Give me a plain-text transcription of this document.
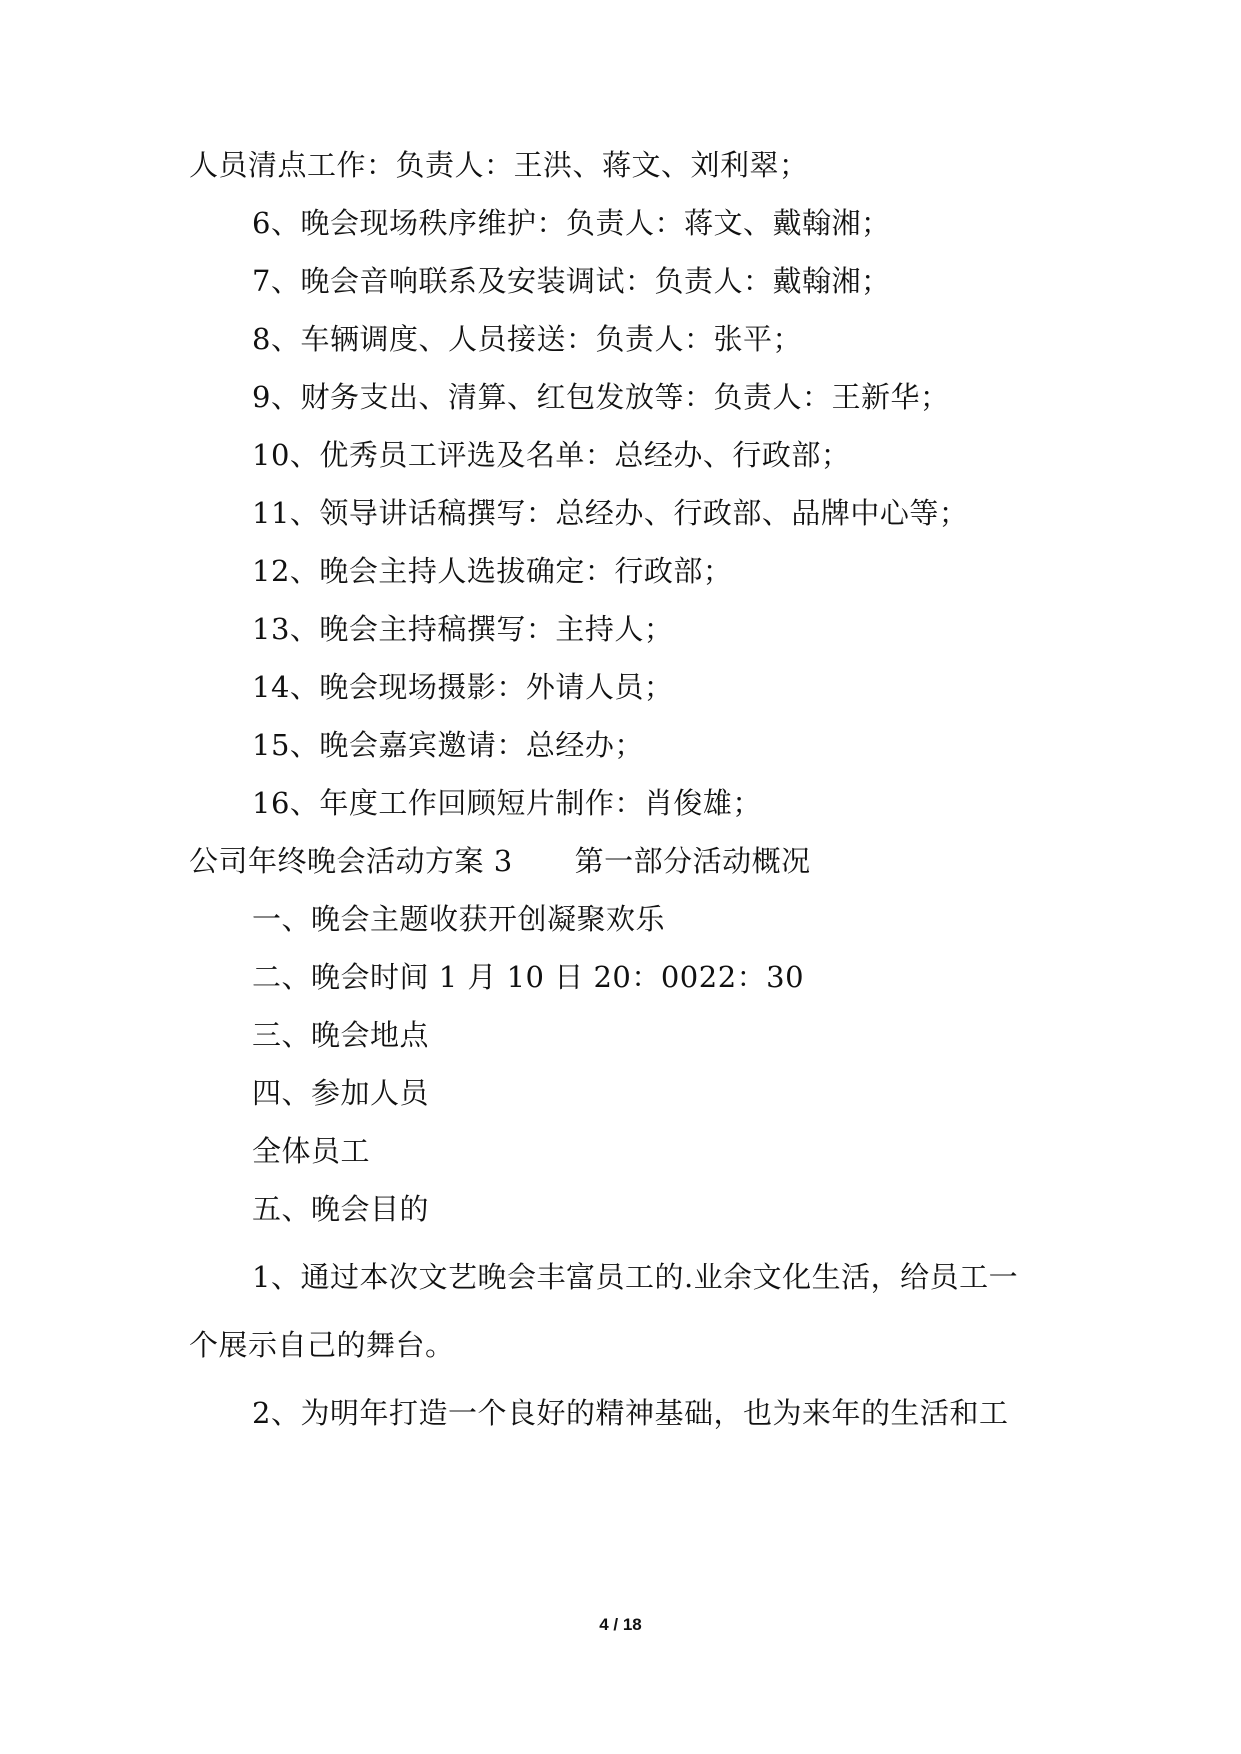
人员清点工作：负责人：王洪、蒋文、刘利翠；
6、晚会现场秩序维护：负责人：蒋文、戴翰湘；
7、晚会音响联系及安装调试：负责人：戴翰湘；
8、车辆调度、人员接送：负责人：张平；
9、财务支出、清算、红包发放等：负责人：王新华；
10、优秀员工评选及名单：总经办、行政部；
11、领导讲话稿撰写：总经办、行政部、品牌中心等；
12、晚会主持人选拔确定：行政部；
13、晚会主持稿撰写：主持人；
14、晚会现场摄影：外请人员；
15、晚会嘉宾邀请：总经办；
16、年度工作回顾短片制作：肖俊雄；
公司年终晚会活动方案 3 第一部分活动概况
一、晚会主题收获开创凝聚欢乐
二、晚会时间 1 月 10 日 20：0022：30
三、晚会地点
四、参加人员
全体员工
五、晚会目的
1、通过本次文艺晚会丰富员工的.业余文化生活，给员工一
个展示自己的舞台。
2、为明年打造一个良好的精神基础，也为来年的生活和工
4 / 18
